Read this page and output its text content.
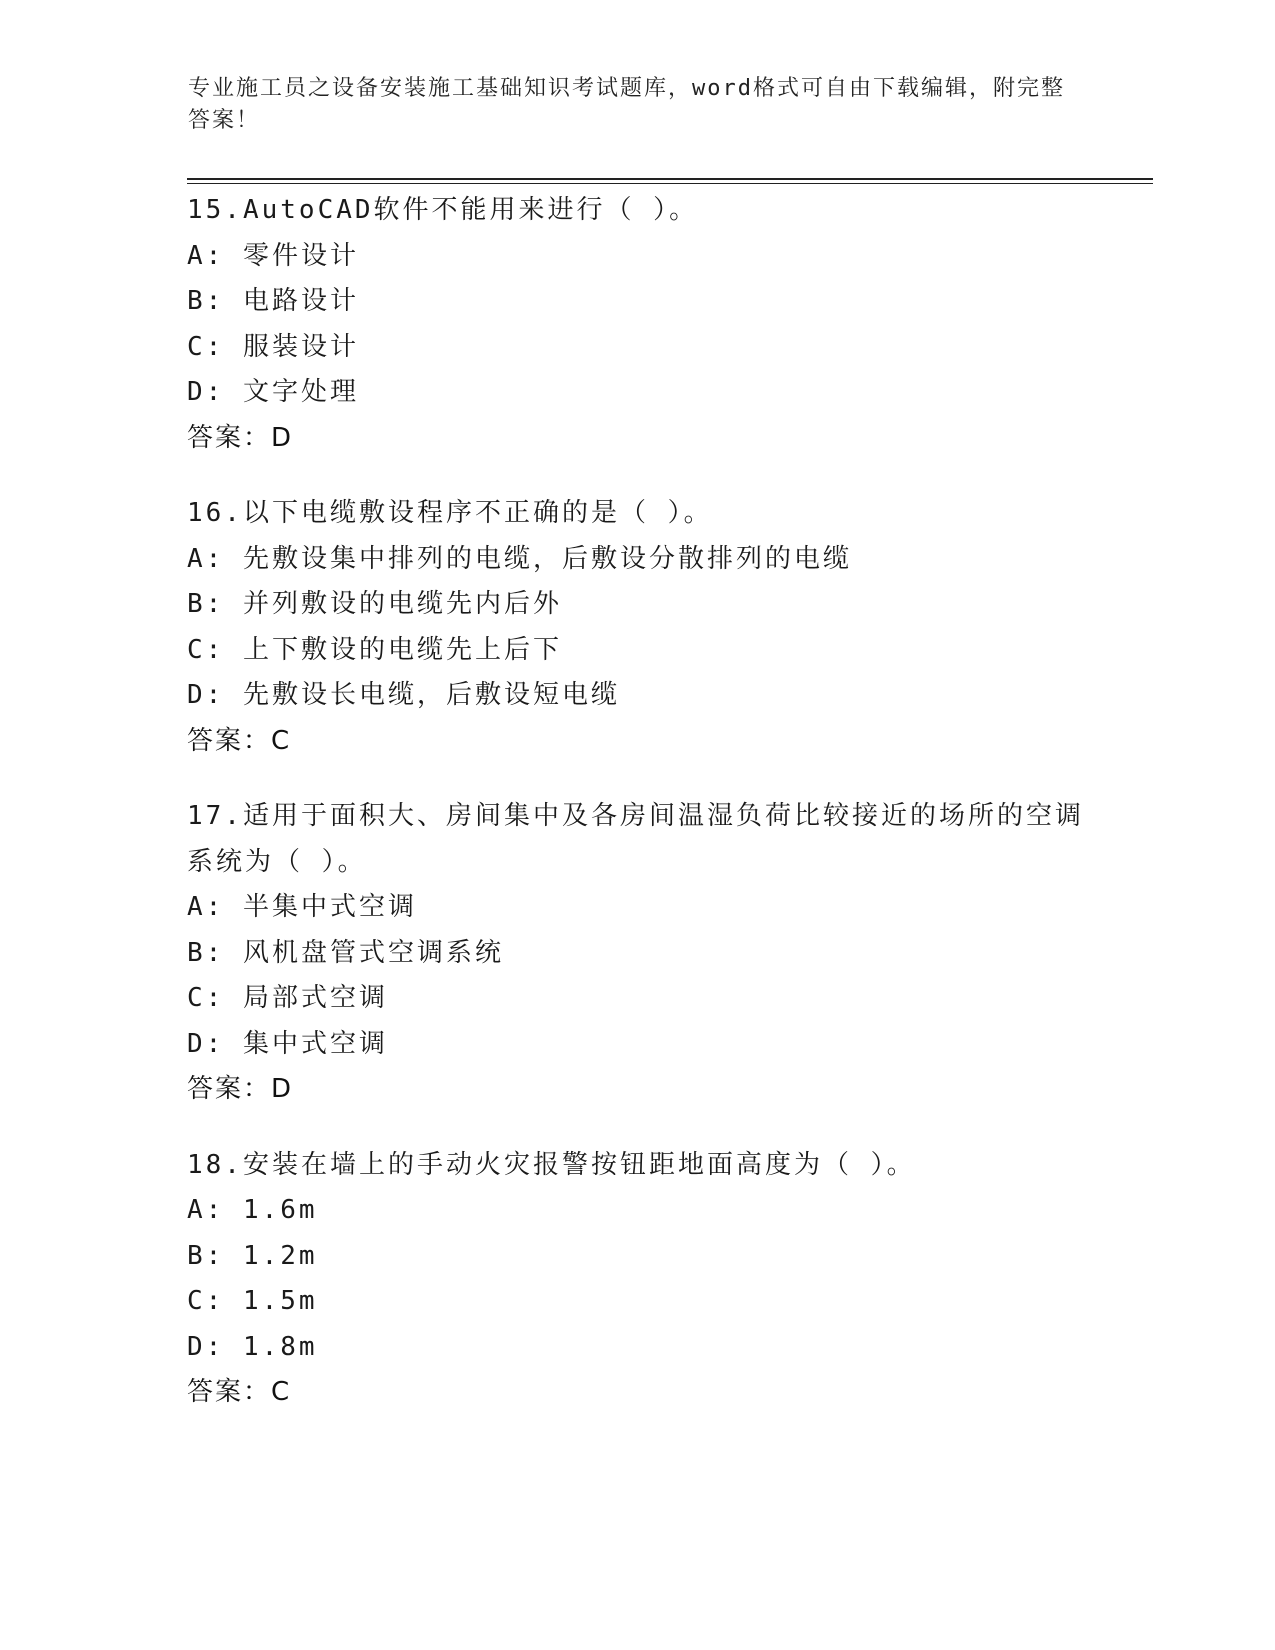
专业施工员之设备安装施工基础知识考试题库，word格式可自由下载编辑，附完整答案！
15.AutoCAD软件不能用来进行（ ）。
A: 零件设计
B: 电路设计
C: 服装设计
D: 文字处理
答案：D
16.以下电缆敷设程序不正确的是（ ）。
A: 先敷设集中排列的电缆，后敷设分散排列的电缆
B: 并列敷设的电缆先内后外
C: 上下敷设的电缆先上后下
D: 先敷设长电缆，后敷设短电缆
答案：C
17.适用于面积大、房间集中及各房间温湿负荷比较接近的场所的空调系统为（ ）。
A: 半集中式空调
B: 风机盘管式空调系统
C: 局部式空调
D: 集中式空调
答案：D
18.安装在墙上的手动火灾报警按钮距地面高度为（ ）。
A: 1.6m
B: 1.2m
C: 1.5m
D: 1.8m
答案：C
